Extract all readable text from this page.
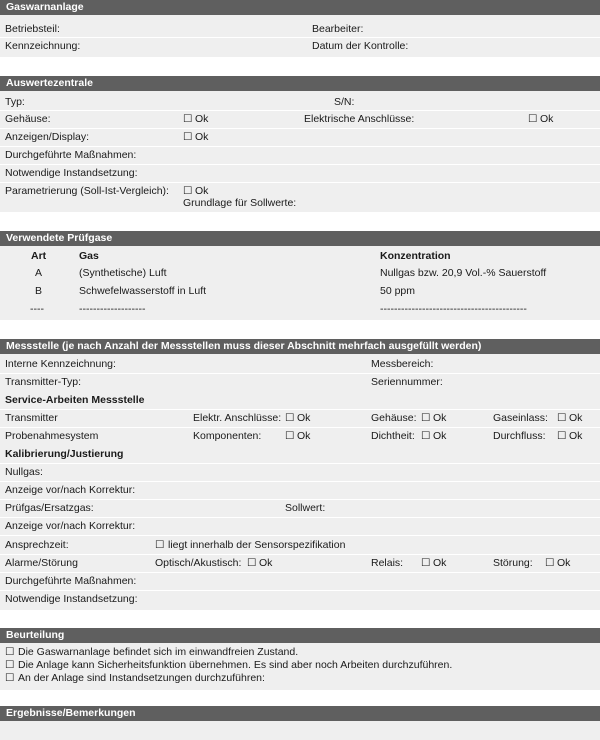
Gaswarnanlage
Betriebsteil:	Bearbeiter:
Kennzeichnung:	Datum der Kontrolle:
Auswertezentrale
Typ:	S/N:
Gehäuse:	☐ Ok	Elektrische Anschlüsse:	☐ Ok
Anzeigen/Display:	☐ Ok
Durchgeführte Maßnahmen:
Notwendige Instandsetzung:
Parametrierung (Soll-Ist-Vergleich): ☐ Ok
Grundlage für Sollwerte:
Verwendete Prüfgase
Art	Gas	Konzentration
A	(Synthetische) Luft	Nullgas bzw. 20,9 Vol.-% Sauerstoff
B	Schwefelwasserstoff in Luft	50 ppm
----	-------------------	------------------------------------------
Messstelle (je nach Anzahl der Messstellen muss dieser Abschnitt mehrfach ausgefüllt werden)
Interne Kennzeichnung:	Messbereich:
Transmitter-Typ:	Seriennummer:
Service-Arbeiten Messstelle
Transmitter	Elektr. Anschlüsse: ☐ Ok	Gehäuse: ☐ Ok	Gaseinlass: ☐ Ok
Probenahmesystem	Komponenten: ☐ Ok	Dichtheit: ☐ Ok	Durchfluss: ☐ Ok
Kalibrierung/Justierung
Nullgas:
Anzeige vor/nach Korrektur:
Prüfgas/Ersatzgas:	Sollwert:
Anzeige vor/nach Korrektur:
Ansprechzeit:	☐ liegt innerhalb der Sensorspezifikation
Alarme/Störung	Optisch/Akustisch: ☐ Ok	Relais: ☐ Ok	Störung: ☐ Ok
Durchgeführte Maßnahmen:
Notwendige Instandsetzung:
Beurteilung
☐ Die Gaswarnanlage befindet sich im einwandfreien Zustand.
☐ Die Anlage kann Sicherheitsfunktion übernehmen. Es sind aber noch Arbeiten durchzuführen.
☐ An der Anlage sind Instandsetzungen durchzuführen:
Ergebnisse/Bemerkungen
